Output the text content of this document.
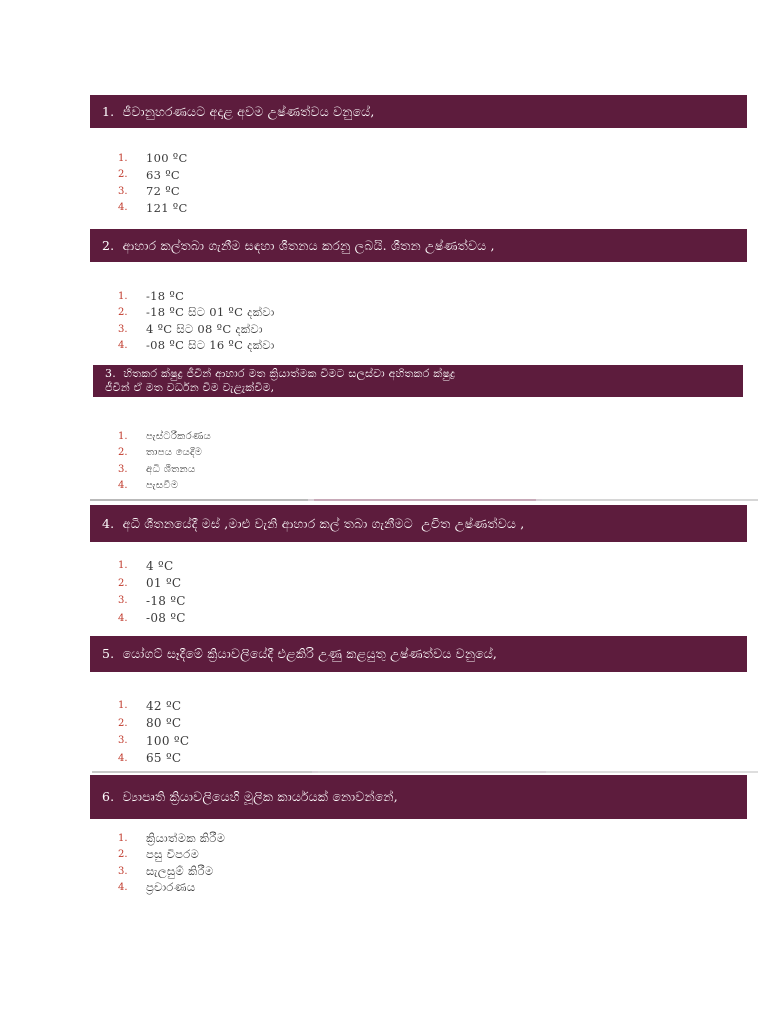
1.  ජීවානුහරණයට අදාළ අවම උෂ්ණත්වය වනුයේ,
1.	100 ºC
2.	63 ºC
3.	72 ºC
4.	121 ºC
2.  ආහාර කල්තබා ගැනීම සඳහා ශීතනය කරනු ලබයි. ශීතන උෂ්ණත්වය ,
1.	-18 ºC
2.	-18 ºC සිට 01 ºC දක්වා
3.	4 ºC සිට 08 ºC දක්වා
4.	-08 ºC සිට 16 ºC දක්වා
3.  හිතකර ක්ෂුද්‍ර ජීවීන් ආහාර මත ක්‍රියාත්මක වීමට සලස්වා අහිතකර ක්ෂුද්‍ර
ජීවීන් ඒ මත වර්ධන වීම වැළැක්වීම,
1.	පැස්ටරීකරණය
2.	තාපය යෙදීම
3.	අධි ශීතනය
4.	පැසවීම
4.  අධි ශීතනයේදී මස් ,මාළු වැනි ආහාර කල් තබා ගැනීමට  උචිත උෂ්ණත්වය ,
1.	4 ºC
2.	01 ºC
3.	-18 ºC
4.	-08 ºC
5.  යෝගට් සෑදීමේ ක්‍රියාවලියේදී එළකිරි උණු කළයුතු උෂ්ණත්වය වනුයේ,
1.	42 ºC
2.	80 ºC
3.	100 ºC
4.	65 ºC
6.  ව්‍යාපෘති ක්‍රියාවලියෙහි මූලික කාර්යයක් නොවන්නේ,
1.	ක්‍රියාත්මක කිරීම
2.	පසු විපරම
3.	සැලසුම් කිරීම
4.	ප්‍රචාරණය
